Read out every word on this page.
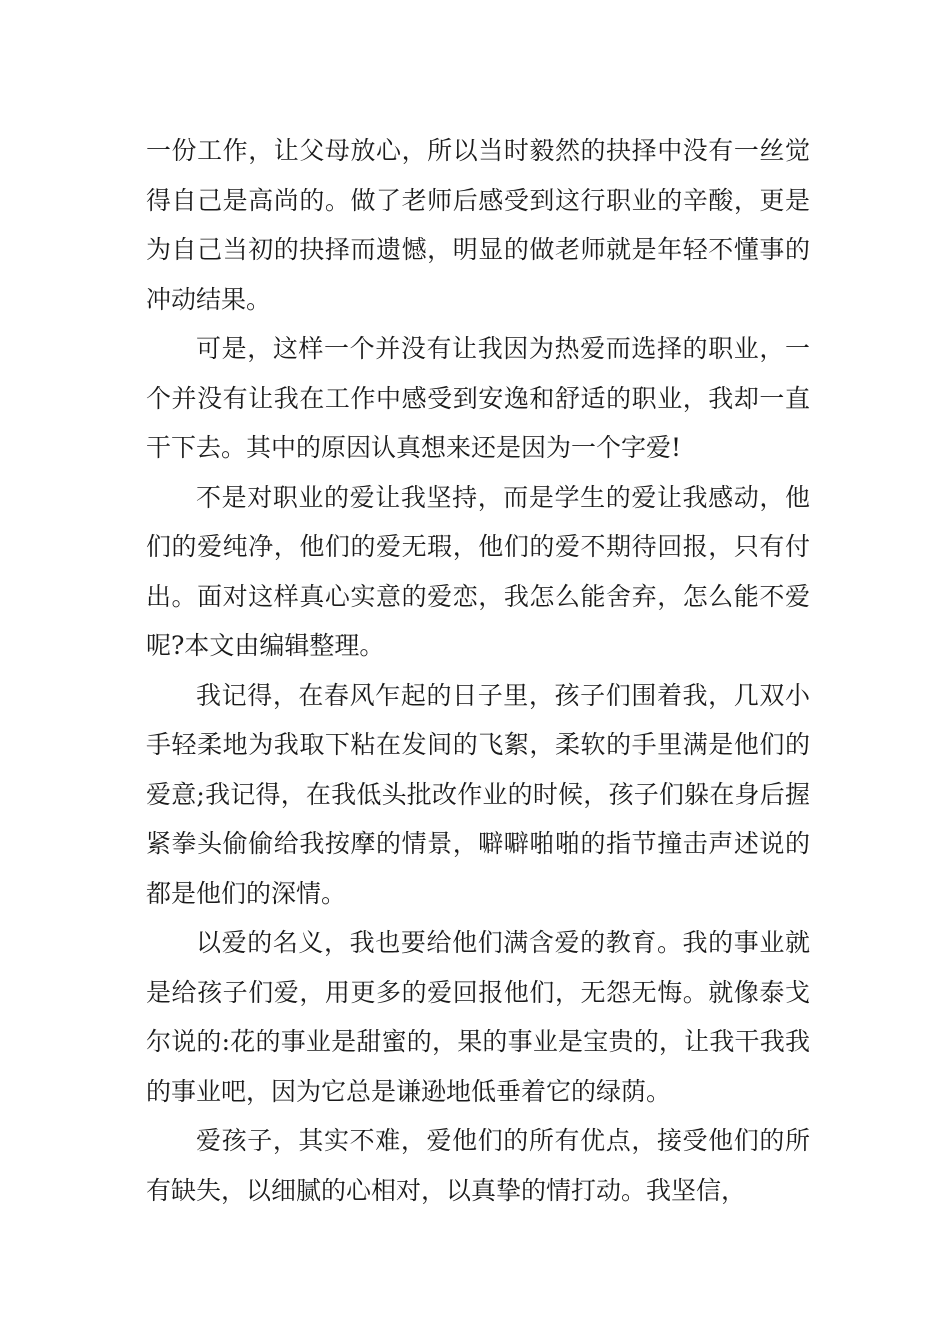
一份工作，让父母放心，所以当时毅然的抉择中没有一丝觉得自己是高尚的。做了老师后感受到这行职业的辛酸，更是为自己当初的抉择而遗憾，明显的做老师就是年轻不懂事的冲动结果。

可是，这样一个并没有让我因为热爱而选择的职业，一个并没有让我在工作中感受到安逸和舒适的职业，我却一直干下去。其中的原因认真想来还是因为一个字爱!

不是对职业的爱让我坚持，而是学生的爱让我感动，他们的爱纯净，他们的爱无瑕，他们的爱不期待回报，只有付出。面对这样真心实意的爱恋，我怎么能舍弃，怎么能不爱呢?本文由编辑整理。

我记得，在春风乍起的日子里，孩子们围着我，几双小手轻柔地为我取下粘在发间的飞絮，柔软的手里满是他们的爱意;我记得，在我低头批改作业的时候，孩子们躲在身后握紧拳头偷偷给我按摩的情景，噼噼啪啪的指节撞击声述说的都是他们的深情。

以爱的名义，我也要给他们满含爱的教育。我的事业就是给孩子们爱，用更多的爱回报他们，无怨无悔。就像泰戈尔说的:花的事业是甜蜜的，果的事业是宝贵的，让我干我我的事业吧，因为它总是谦逊地低垂着它的绿荫。

爱孩子，其实不难，爱他们的所有优点，接受他们的所有缺失，以细腻的心相对，以真挚的情打动。我坚信，
